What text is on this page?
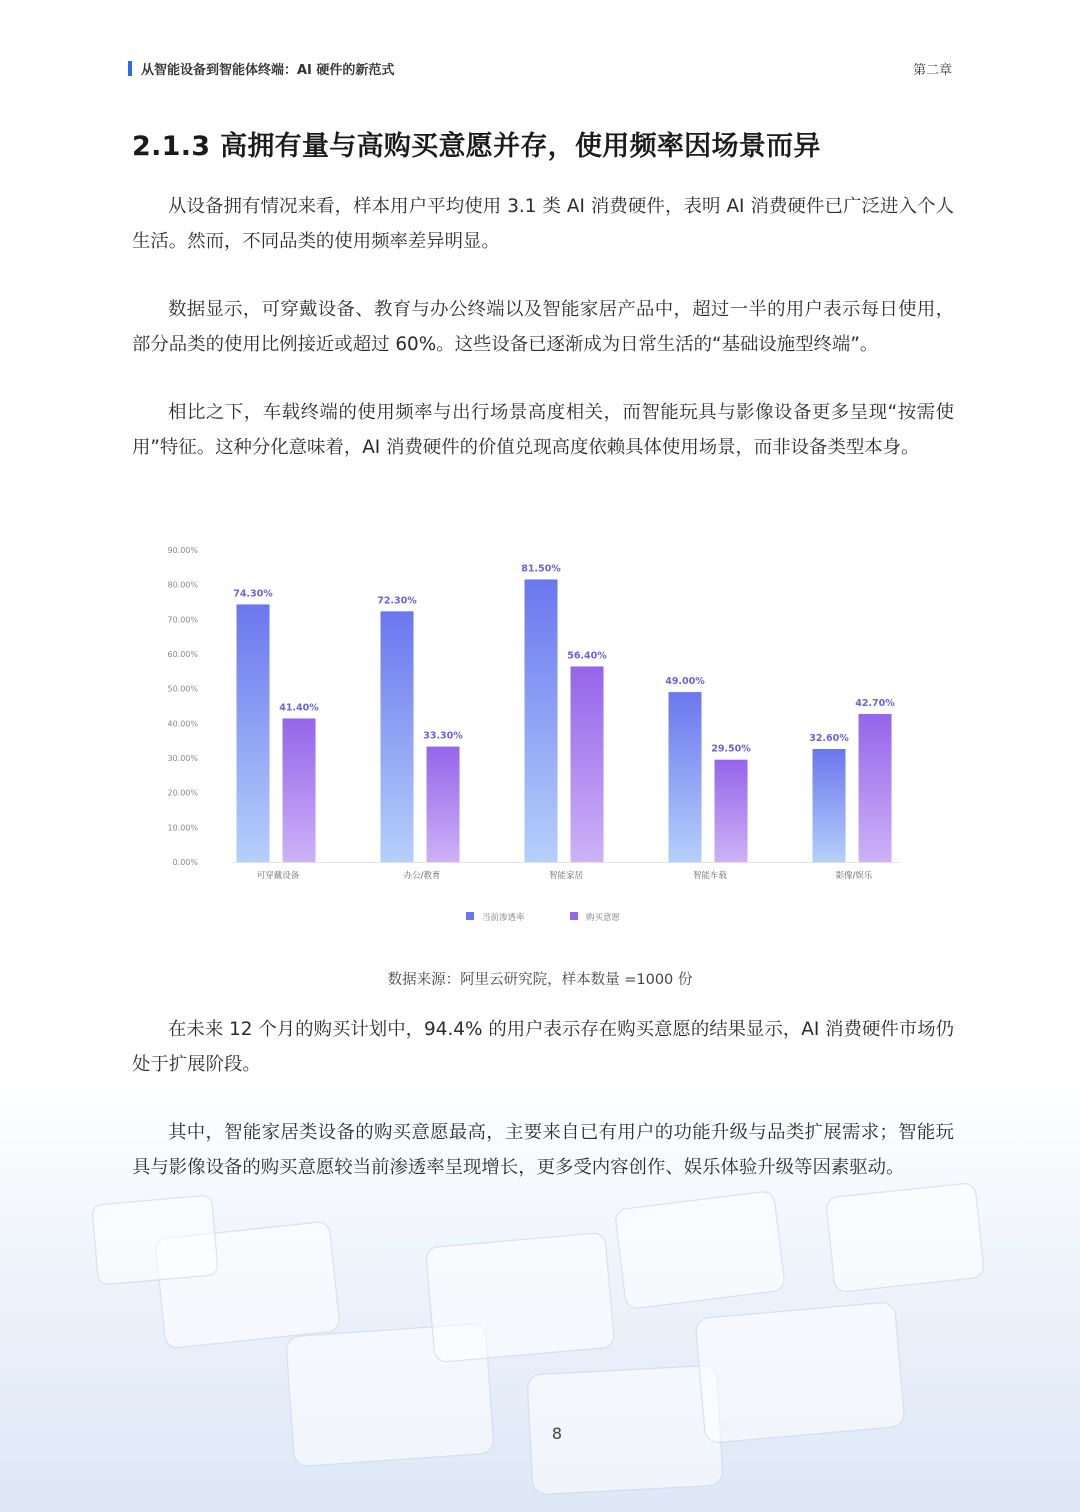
从智能设备到智能体终端：AI 硬件的新范式	第二章
2.1.3 高拥有量与高购买意愿并存，使用频率因场景而异

从设备拥有情况来看，样本用户平均使用 3.1 类 AI 消费硬件，表明 AI 消费硬件已广泛进入个人生活。然而，不同品类的使用频率差异明显。

数据显示，可穿戴设备、教育与办公终端以及智能家居产品中，超过一半的用户表示每日使用，部分品类的使用比例接近或超过 60%。这些设备已逐渐成为日常生活的“基础设施型终端”。

相比之下，车载终端的使用频率与出行场景高度相关，而智能玩具与影像设备更多呈现“按需使用”特征。这种分化意味着，AI 消费硬件的价值兑现高度依赖具体使用场景，而非设备类型本身。

0.00%
10.00%
20.00%
30.00%
40.00%
50.00%
60.00%
70.00%
80.00%
90.00%
74.30%
41.40%
可穿戴设备
72.30%
33.30%
办公/教育
81.50%
56.40%
智能家居
49.00%
29.50%
智能车载
32.60%
42.70%
影像/娱乐
当前渗透率	购买意愿
数据来源：阿里云研究院，样本数量 =1000 份

在未来 12 个月的购买计划中，94.4% 的用户表示存在购买意愿的结果显示，AI 消费硬件市场仍处于扩展阶段。

其中，智能家居类设备的购买意愿最高，主要来自已有用户的功能升级与品类扩展需求；智能玩具与影像设备的购买意愿较当前渗透率呈现增长，更多受内容创作、娱乐体验升级等因素驱动。

8
